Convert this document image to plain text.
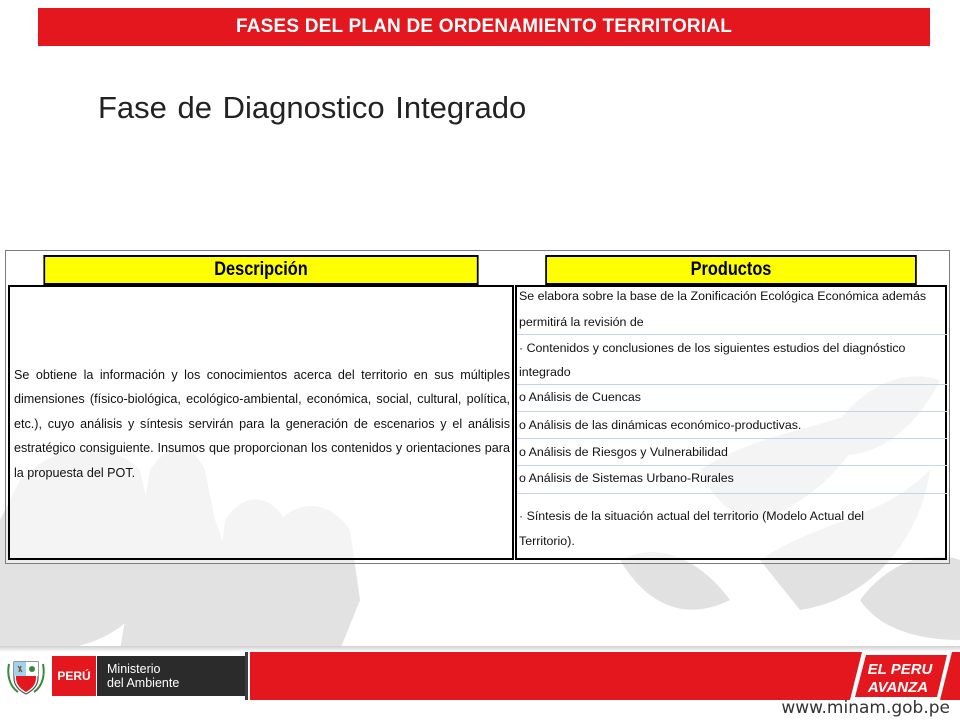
FASES DEL PLAN DE ORDENAMIENTO TERRITORIAL
Fase de Diagnostico Integrado
Descripción	Productos
Se obtiene la información y los conocimientos acerca del territorio en sus múltiples dimensiones (físico-biológica, ecológico-ambiental, económica, social, cultural, política, etc.), cuyo análisis y síntesis servirán para la generación de escenarios y el análisis estratégico consiguiente. Insumos que proporcionan los contenidos y orientaciones para la propuesta del POT.
Se elabora sobre la base de la Zonificación Ecológica Económica además
permitirá la revisión de
· Contenidos y conclusiones de los siguientes estudios del diagnóstico
integrado
o Análisis de Cuencas
o Análisis de las dinámicas económico-productivas.
o Análisis de Riesgos y Vulnerabilidad
o Análisis de Sistemas Urbano-Rurales
· Síntesis de la situación actual del territorio (Modelo Actual del
Territorio).
PERÚ Ministerio
del Ambiente
EL PERU
AVANZA
www.minam.gob.pe
